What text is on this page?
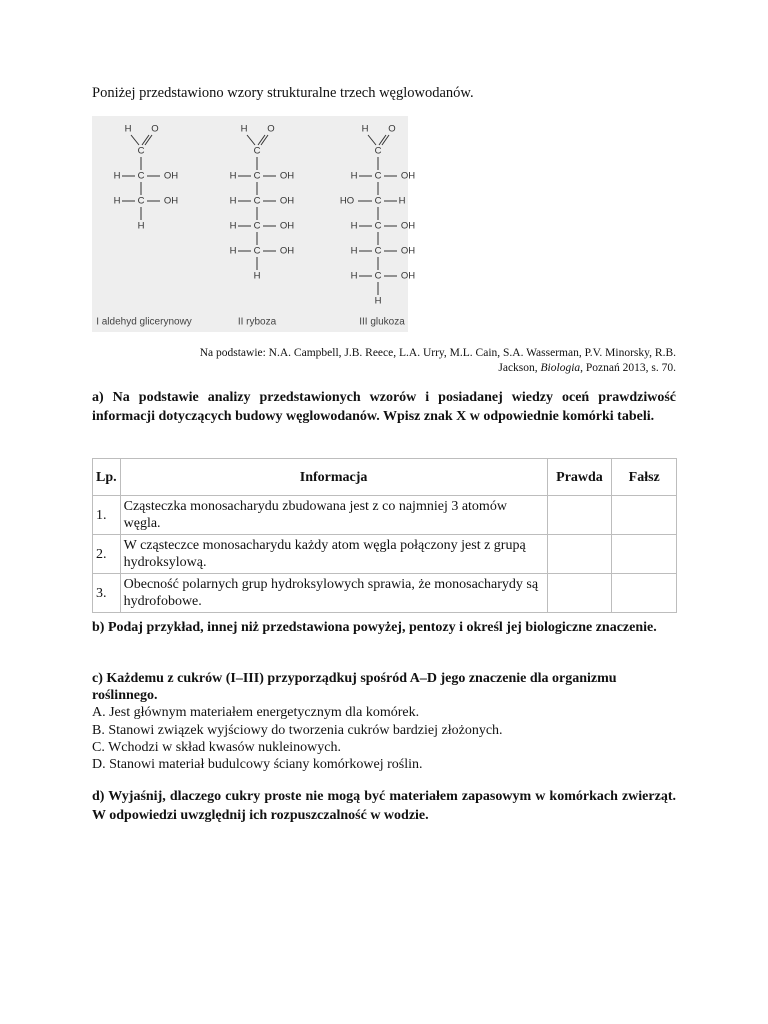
Poniżej przedstawiono wzory strukturalne trzech węglowodanów.
H O
C
C
H	OH
C
H	OH
H
H O
C
C
H	OH
C
H	OH
C
H	OH
C
H	OH
H
H O
C
C
H	OH
C
HO	H
C
H	OH
C
H	OH
C
H	OH
H
I aldehyd glicerynowy	II ryboza	III glukoza
Na podstawie: N.A. Campbell, J.B. Reece, L.A. Urry, M.L. Cain, S.A. Wasserman, P.V. Minorsky, R.B.
Jackson, Biologia, Poznań 2013, s. 70.
a) Na podstawie analizy przedstawionych wzorów i posiadanej wiedzy oceń prawdziwość informacji dotyczących budowy węglowodanów. Wpisz znak X w odpowiednie komórki tabeli.
Lp.	Informacja	Prawda	Fałsz
1.	Cząsteczka monosacharydu zbudowana jest z co najmniej 3 atomów węgla.		
2.	W cząsteczce monosacharydu każdy atom węgla połączony jest z grupą hydroksylową.		
3.	Obecność polarnych grup hydroksylowych sprawia, że monosacharydy są hydrofobowe.		
b) Podaj przykład, innej niż przedstawiona powyżej, pentozy i określ jej biologiczne znaczenie.
c) Każdemu z cukrów (I–III) przyporządkuj spośród A–D jego znaczenie dla organizmu roślinnego.
A. Jest głównym materiałem energetycznym dla komórek.
B. Stanowi związek wyjściowy do tworzenia cukrów bardziej złożonych.
C. Wchodzi w skład kwasów nukleinowych.
D. Stanowi materiał budulcowy ściany komórkowej roślin.
d) Wyjaśnij, dlaczego cukry proste nie mogą być materiałem zapasowym w komórkach zwierząt. W odpowiedzi uwzględnij ich rozpuszczalność w wodzie.
